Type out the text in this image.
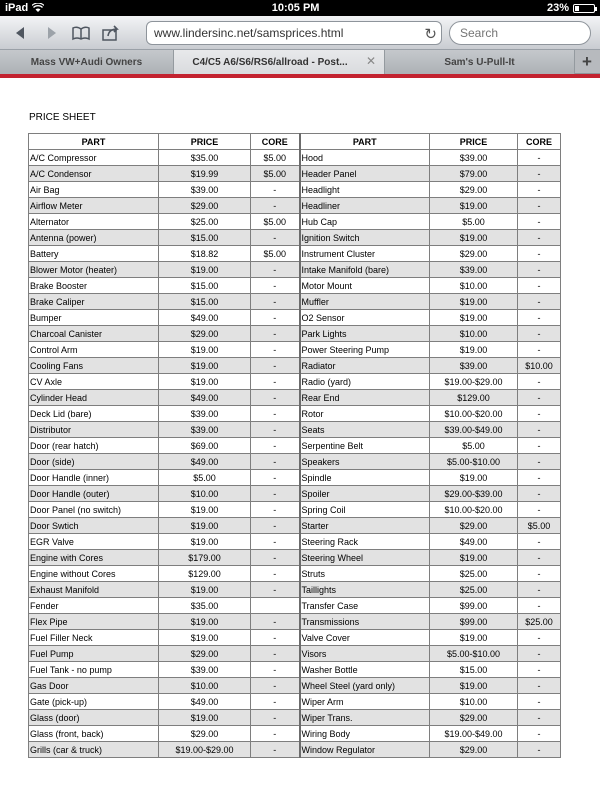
iPad	10:05 PM	23%
www.lindersinc.net/samsprices.html	↻
Search
Mass VW+Audi Owners	C4/C5 A6/S6/RS6/allroad - Post... ✕	Sam's U-Pull-It	+
PRICE SHEET
PART	PRICE	CORE	PART	PRICE	CORE
A/C Compressor	$35.00	$5.00	Hood	$39.00	-
A/C Condensor	$19.99	$5.00	Header Panel	$79.00	-
Air Bag	$39.00	-	Headlight	$29.00	-
Airflow Meter	$29.00	-	Headliner	$19.00	-
Alternator	$25.00	$5.00	Hub Cap	$5.00	-
Antenna (power)	$15.00	-	Ignition Switch	$19.00	-
Battery	$18.82	$5.00	Instrument Cluster	$29.00	-
Blower Motor (heater)	$19.00	-	Intake Manifold (bare)	$39.00	-
Brake Booster	$15.00	-	Motor Mount	$10.00	-
Brake Caliper	$15.00	-	Muffler	$19.00	-
Bumper	$49.00	-	O2 Sensor	$19.00	-
Charcoal Canister	$29.00	-	Park Lights	$10.00	-
Control Arm	$19.00	-	Power Steering Pump	$19.00	-
Cooling Fans	$19.00	-	Radiator	$39.00	$10.00
CV Axle	$19.00	-	Radio (yard)	$19.00-$29.00	-
Cylinder Head	$49.00	-	Rear End	$129.00	-
Deck Lid (bare)	$39.00	-	Rotor	$10.00-$20.00	-
Distributor	$39.00	-	Seats	$39.00-$49.00	-
Door (rear hatch)	$69.00	-	Serpentine Belt	$5.00	-
Door (side)	$49.00	-	Speakers	$5.00-$10.00	-
Door Handle (inner)	$5.00	-	Spindle	$19.00	-
Door Handle (outer)	$10.00	-	Spoiler	$29.00-$39.00	-
Door Panel (no switch)	$19.00	-	Spring Coil	$10.00-$20.00	-
Door Swtich	$19.00	-	Starter	$29.00	$5.00
EGR Valve	$19.00	-	Steering Rack	$49.00	-
Engine with Cores	$179.00	-	Steering Wheel	$19.00	-
Engine without Cores	$129.00	-	Struts	$25.00	-
Exhaust Manifold	$19.00	-	Taillights	$25.00	-
Fender	$35.00		Transfer Case	$99.00	-
Flex Pipe	$19.00	-	Transmissions	$99.00	$25.00
Fuel Filler Neck	$19.00	-	Valve Cover	$19.00	-
Fuel Pump	$29.00	-	Visors	$5.00-$10.00	-
Fuel Tank - no pump	$39.00	-	Washer Bottle	$15.00	-
Gas Door	$10.00	-	Wheel Steel (yard only)	$19.00	-
Gate (pick-up)	$49.00	-	Wiper Arm	$10.00	-
Glass (door)	$19.00	-	Wiper Trans.	$29.00	-
Glass (front, back)	$29.00	-	Wiring Body	$19.00-$49.00	-
Grills (car & truck)	$19.00-$29.00	-	Window Regulator	$29.00	-
